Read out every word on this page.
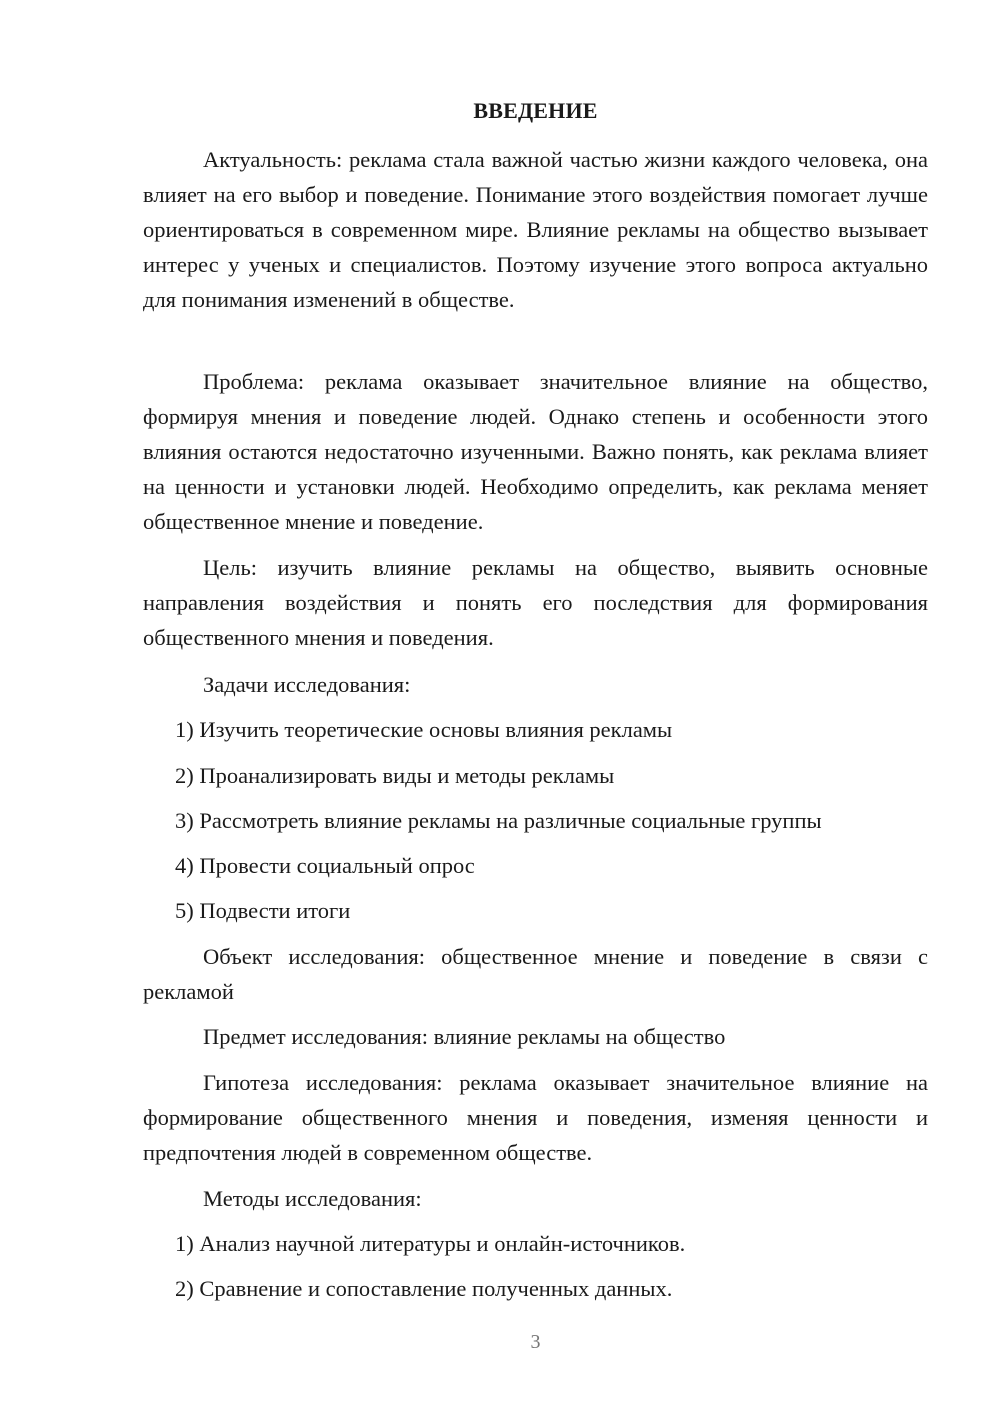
ВВЕДЕНИЕ

Актуальность: реклама стала важной частью жизни каждого человека, она влияет на его выбор и поведение. Понимание этого воздействия помогает лучше ориентироваться в современном мире. Влияние рекламы на общество вызывает интерес у ученых и специалистов. Поэтому изучение этого вопроса актуально для понимания изменений в обществе.

Проблема: реклама оказывает значительное влияние на общество, формируя мнения и поведение людей. Однако степень и особенности этого влияния остаются недостаточно изученными. Важно понять, как реклама влияет на ценности и установки людей. Необходимо определить, как реклама меняет общественное мнение и поведение.

Цель: изучить влияние рекламы на общество, выявить основные направления воздействия и понять его последствия для формирования общественного мнения и поведения.

Задачи исследования:

1) Изучить теоретические основы влияния рекламы

2) Проанализировать виды и методы рекламы

3) Рассмотреть влияние рекламы на различные социальные группы

4) Провести социальный опрос

5) Подвести итоги

Объект исследования: общественное мнение и поведение в связи с рекламой

Предмет исследования: влияние рекламы на общество

Гипотеза исследования: реклама оказывает значительное влияние на формирование общественного мнения и поведения, изменяя ценности и предпочтения людей в современном обществе.

Методы исследования:

1) Анализ научной литературы и онлайн-источников.

2) Сравнение и сопоставление полученных данных.

3
